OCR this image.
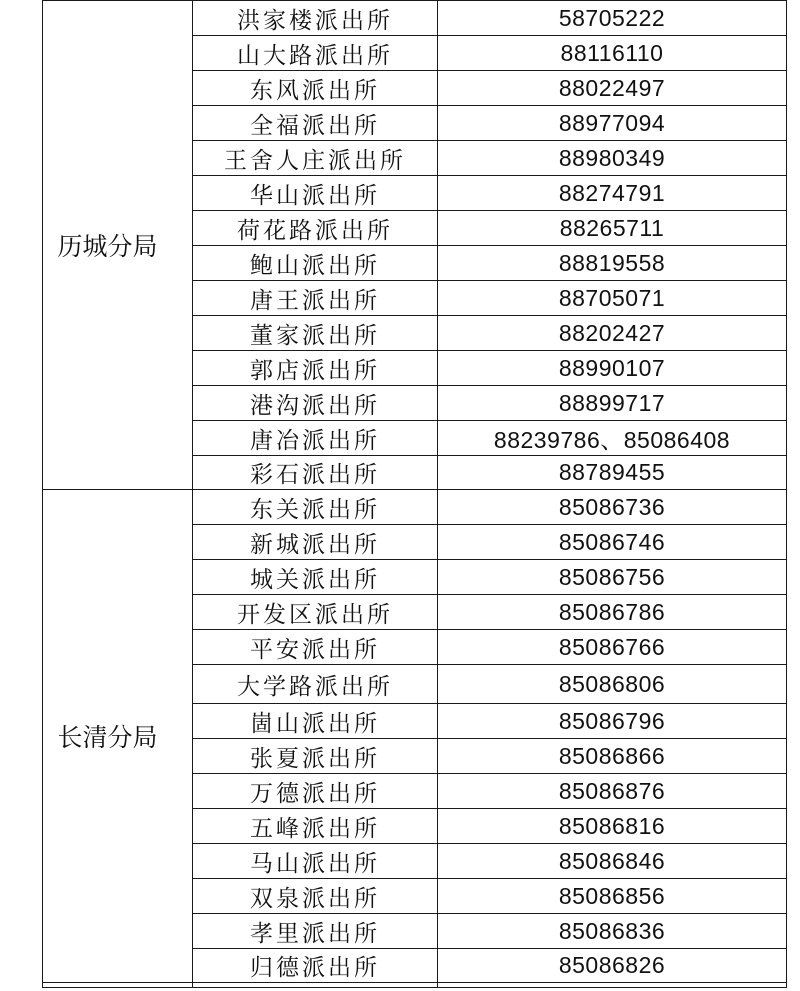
历城分局	洪家楼派出所	58705222
	山大路派出所	88116110
	东风派出所	88022497
	全福派出所	88977094
	王舍人庄派出所	88980349
	华山派出所	88274791
	荷花路派出所	88265711
	鲍山派出所	88819558
	唐王派出所	88705071
	董家派出所	88202427
	郭店派出所	88990107
	港沟派出所	88899717
	唐冶派出所	88239786、85086408
	彩石派出所	88789455
长清分局	东关派出所	85086736
	新城派出所	85086746
	城关派出所	85086756
	开发区派出所	85086786
	平安派出所	85086766
	大学路派出所	85086806
	崮山派出所	85086796
	张夏派出所	85086866
	万德派出所	85086876
	五峰派出所	85086816
	马山派出所	85086846
	双泉派出所	85086856
	孝里派出所	85086836
	归德派出所	85086826
